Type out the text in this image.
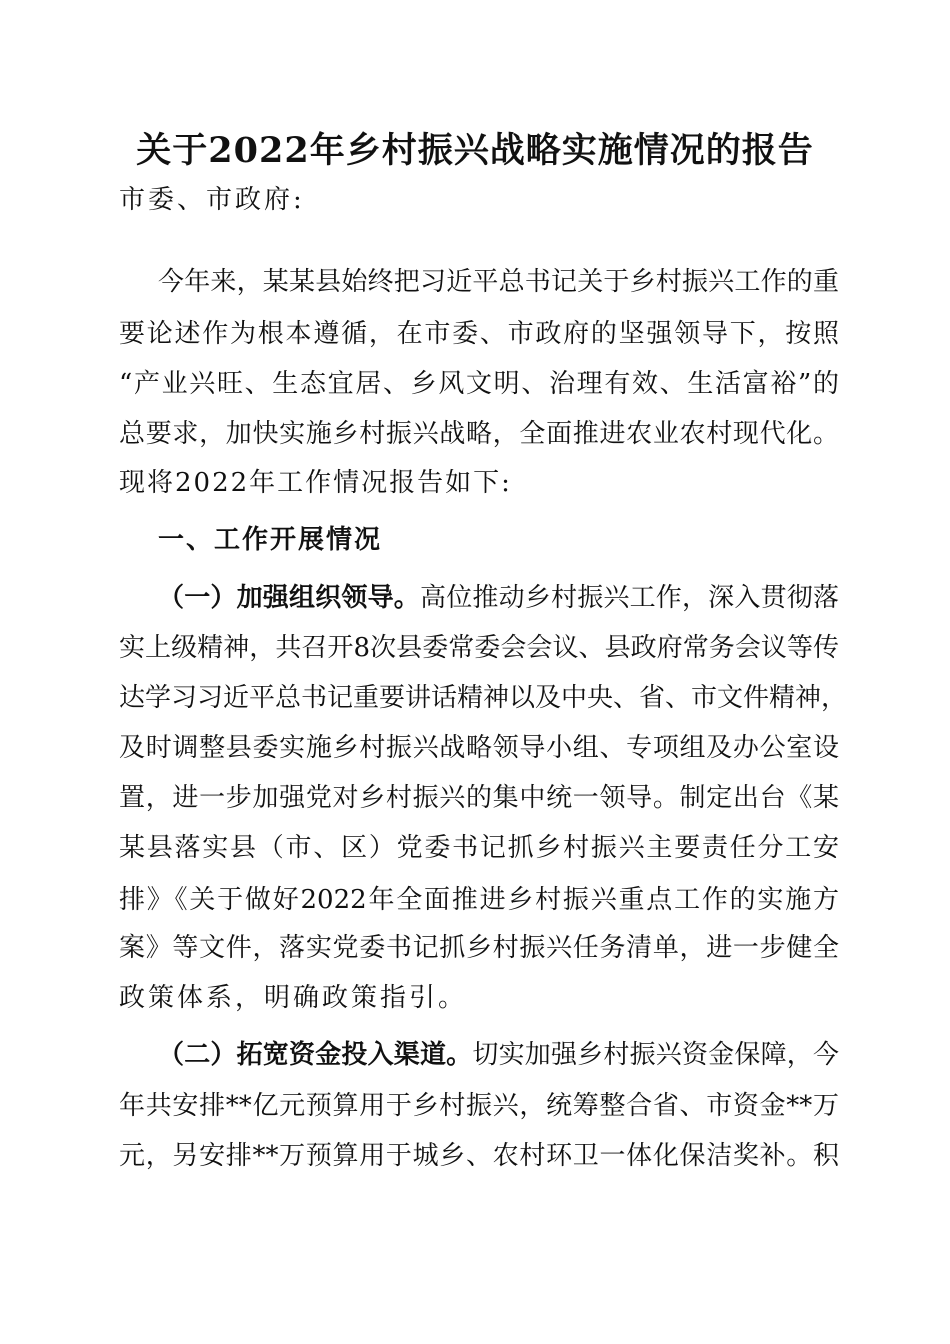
关于2022年乡村振兴战略实施情况的报告
市委、市政府:
今年来，某某县始终把习近平总书记关于乡村振兴工作的重
要论述作为根本遵循，在市委、市政府的坚强领导下，按照
“产业兴旺、生态宜居、乡风文明、治理有效、生活富裕”的
总要求，加快实施乡村振兴战略，全面推进农业农村现代化。
现将2022年工作情况报告如下:
一、工作开展情况
（一）加强组织领导。高位推动乡村振兴工作，深入贯彻落
实上级精神，共召开8次县委常委会会议、县政府常务会议等传
达学习习近平总书记重要讲话精神以及中央、省、市文件精神，
及时调整县委实施乡村振兴战略领导小组、专项组及办公室设
置，进一步加强党对乡村振兴的集中统一领导。制定出台《某
某县落实县（市、区）党委书记抓乡村振兴主要责任分工安
排》《关于做好2022年全面推进乡村振兴重点工作的实施方
案》等文件，落实党委书记抓乡村振兴任务清单，进一步健全
政策体系，明确政策指引。
（二）拓宽资金投入渠道。切实加强乡村振兴资金保障，今
年共安排**亿元预算用于乡村振兴，统筹整合省、市资金**万
元，另安排**万预算用于城乡、农村环卫一体化保洁奖补。积
